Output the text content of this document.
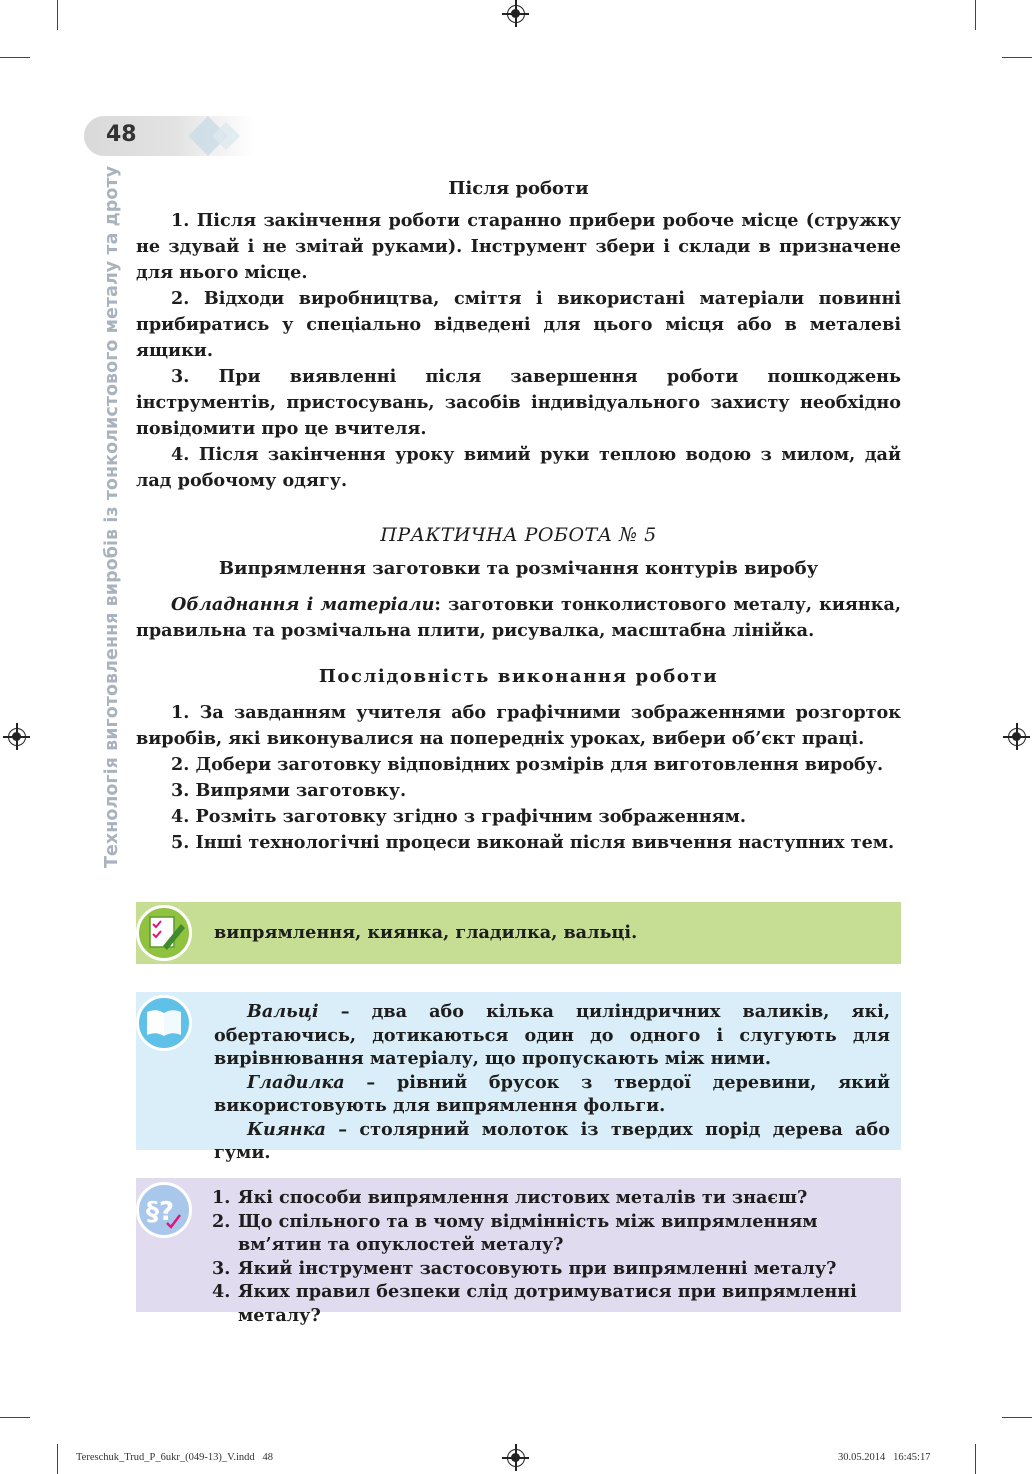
48
Технологія виготовлення виробів із тонколистового металу та дроту	Після роботи

1. Після закінчення роботи старанно прибери робоче місце (стружку не здувай і не змітай руками). Інструмент збери і склади в призначене для нього місце.

2. Відходи виробництва, сміття і використані матеріали повинні прибиратись у спеціально відведені для цього місця або в металеві ящики.

3. При виявленні після завершення роботи пошкоджень інструментів, пристосувань, засобів індивідуального захисту необхідно повідомити про це вчителя.

4. Після закінчення уроку вимий руки теплою водою з милом, дай лад робочому одягу.

ПРАКТИЧНА РОБОТА № 5
Випрямлення заготовки та розмічання контурів виробу

Обладнання і матеріали: заготовки тонколистового металу, киянка, правильна та розмічальна плити, рисувалка, масштабна лінійка.

Послідовність виконання роботи

1. За завданням учителя або графічними зображеннями розгорток виробів, які виконувалися на попередніх уроках, вибери об’єкт праці.

2. Добери заготовку відповідних розмірів для виготовлення виробу.

3. Випрями заготовку.

4. Розміть заготовку згідно з графічним зображенням.

5. Інші технологічні процеси виконай після вивчення наступних тем.

випрямлення, киянка, гладилка, вальці.

Вальці – два або кілька циліндричних валиків, які, обертаючись, дотикаються один до одного і слугують для вирівнювання матеріалу, що пропускають між ними.

Гладилка – рівний брусок з твердої деревини, який використовують для випрямлення фольги.

Киянка – столярний молоток із твердих порід дерева або гуми.

§? 1. Які способи випрямлення листових металів ти знаєш?
2. Що спільного та в чому відмінність між випрямленням вм’ятин та опуклостей металу?
3. Який інструмент застосовують при випрямленні металу?
4. Яких правил безпеки слід дотримуватися при випрямленні металу?
Tereschuk_Trud_P_6ukr_(049-13)_V.indd   48	30.05.2014   16:45:17
